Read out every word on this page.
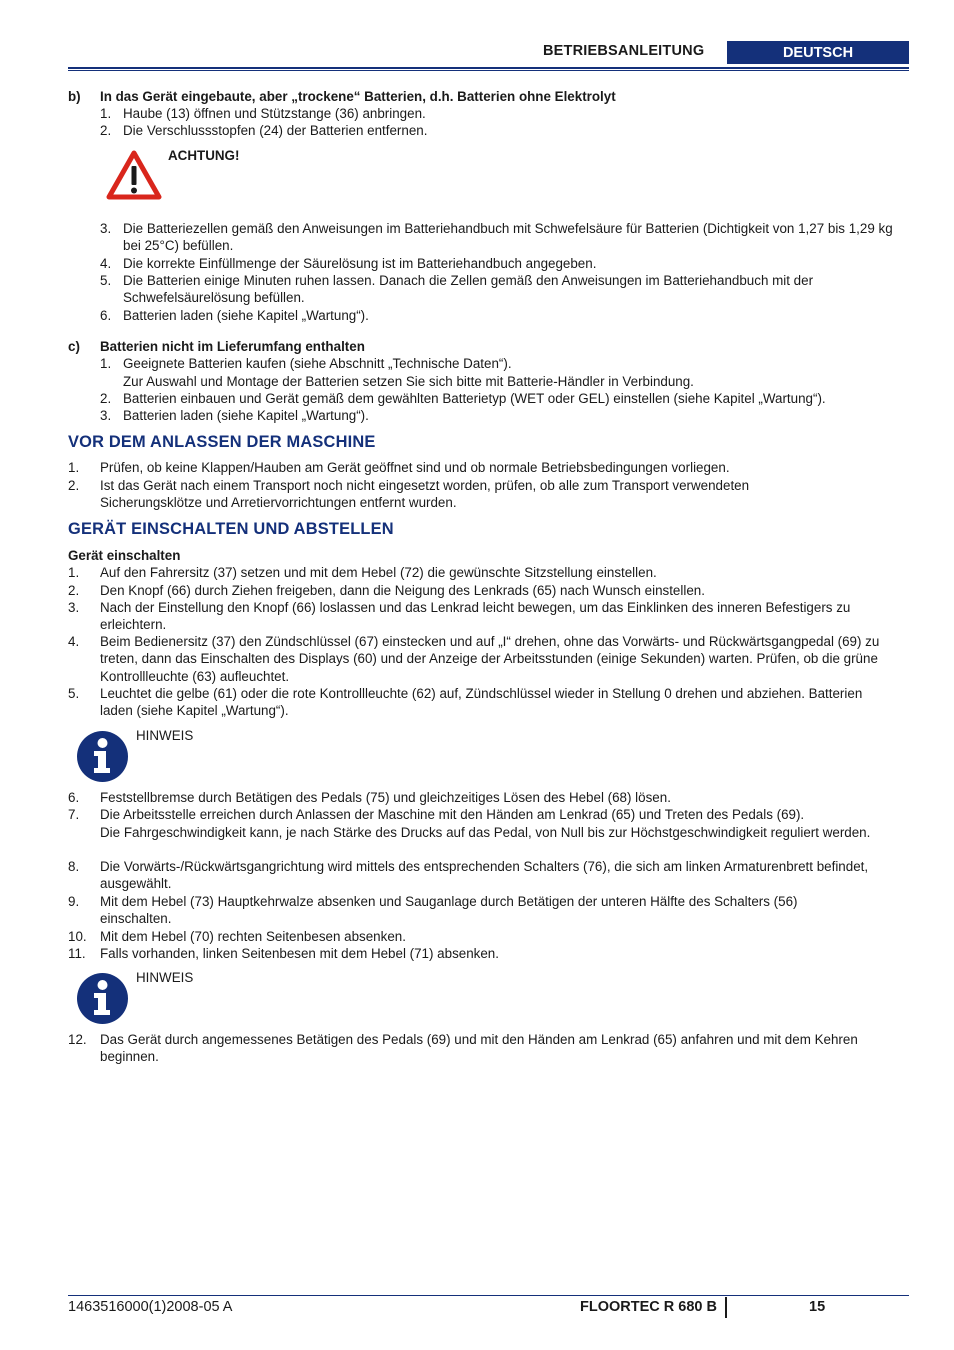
BETRIEBSANLEITUNG	DEUTSCH
b) In das Gerät eingebaute, aber „trockene“ Batterien, d.h. Batterien ohne Elektrolyt
1. Haube (13) öffnen und Stützstange (36) anbringen.
2. Die Verschlussstopfen (24) der Batterien entfernen.
ACHTUNG!
3. Die Batteriezellen gemäß den Anweisungen im Batteriehandbuch mit Schwefelsäure für Batterien (Dichtigkeit von 1,27 bis 1,29 kg bei 25°C) befüllen.
4. Die korrekte Einfüllmenge der Säurelösung ist im Batteriehandbuch angegeben.
5. Die Batterien einige Minuten ruhen lassen. Danach die Zellen gemäß den Anweisungen im Batteriehandbuch mit der Schwefelsäurelösung befüllen.
6. Batterien laden (siehe Kapitel „Wartung“).
c) Batterien nicht im Lieferumfang enthalten
1. Geeignete Batterien kaufen (siehe Abschnitt „Technische Daten“).
Zur Auswahl und Montage der Batterien setzen Sie sich bitte mit Batterie-Händler in Verbindung.
2. Batterien einbauen und Gerät gemäß dem gewählten Batterietyp (WET oder GEL) einstellen (siehe Kapitel „Wartung“).
3. Batterien laden (siehe Kapitel „Wartung“).
VOR DEM ANLASSEN DER MASCHINE
1. Prüfen, ob keine Klappen/Hauben am Gerät geöffnet sind und ob normale Betriebsbedingungen vorliegen.
2. Ist das Gerät nach einem Transport noch nicht eingesetzt worden, prüfen, ob alle zum Transport verwendeten Sicherungsklötze und Arretiervorrichtungen entfernt wurden.
GERÄT EINSCHALTEN UND ABSTELLEN
Gerät einschalten
1. Auf den Fahrersitz (37) setzen und mit dem Hebel (72) die gewünschte Sitzstellung einstellen.
2. Den Knopf (66) durch Ziehen freigeben, dann die Neigung des Lenkrads (65) nach Wunsch einstellen.
3. Nach der Einstellung den Knopf (66) loslassen und das Lenkrad leicht bewegen, um das Einklinken des inneren Befestigers zu erleichtern.
4. Beim Bedienersitz (37) den Zündschlüssel (67) einstecken und auf „I“ drehen, ohne das Vorwärts- und Rückwärtsgangpedal (69) zu treten, dann das Einschalten des Displays (60) und der Anzeige der Arbeitsstunden (einige Sekunden) warten. Prüfen, ob die grüne Kontrollleuchte (63) aufleuchtet.
5. Leuchtet die gelbe (61) oder die rote Kontrollleuchte (62) auf, Zündschlüssel wieder in Stellung 0 drehen und abziehen. Batterien laden (siehe Kapitel „Wartung“).
HINWEIS
6. Feststellbremse durch Betätigen des Pedals (75) und gleichzeitiges Lösen des Hebel (68) lösen.
7. Die Arbeitsstelle erreichen durch Anlassen der Maschine mit den Händen am Lenkrad (65) und Treten des Pedals (69).
Die Fahrgeschwindigkeit kann, je nach Stärke des Drucks auf das Pedal, von Null bis zur Höchstgeschwindigkeit reguliert werden.
8. Die Vorwärts-/Rückwärtsgangrichtung wird mittels des entsprechenden Schalters (76), die sich am linken Armaturenbrett befindet, ausgewählt.
9. Mit dem Hebel (73) Hauptkehrwalze absenken und Sauganlage durch Betätigen der unteren Hälfte des Schalters (56) einschalten.
10. Mit dem Hebel (70) rechten Seitenbesen absenken.
11. Falls vorhanden, linken Seitenbesen mit dem Hebel (71) absenken.
HINWEIS
12. Das Gerät durch angemessenes Betätigen des Pedals (69) und mit den Händen am Lenkrad (65) anfahren und mit dem Kehren beginnen.
1463516000(1)2008-05 A	FLOORTEC R 680 B	15
